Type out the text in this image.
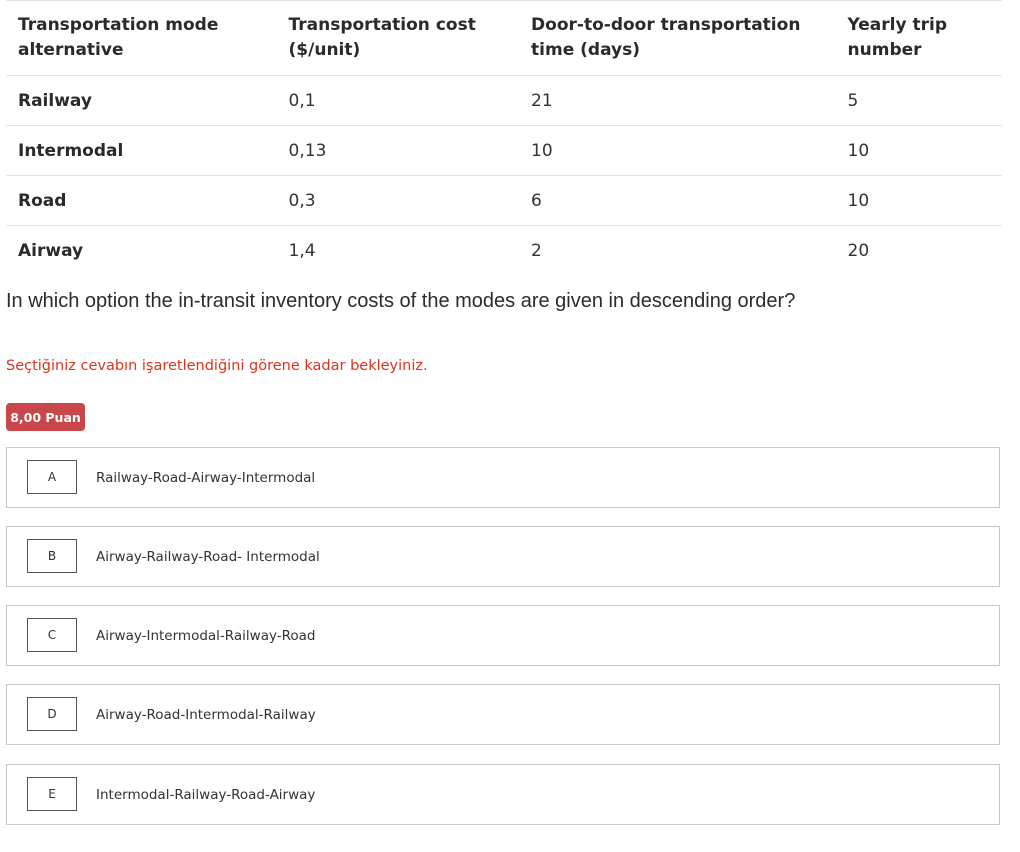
Transportation mode alternative	Transportation cost ($/unit)	Door-to-door transportation time (days)	Yearly trip number
Railway	0,1	21	5
Intermodal	0,13	10	10
Road	0,3	6	10
Airway	1,4	2	20
In which option the in-transit inventory costs of the modes are given in descending order?
Seçtiğiniz cevabın işaretlendiğini görene kadar bekleyiniz.
8,00 Puan
A	Railway-Road-Airway-Intermodal
B	Airway-Railway-Road- Intermodal
C	Airway-Intermodal-Railway-Road
D	Airway-Road-Intermodal-Railway
E	Intermodal-Railway-Road-Airway
